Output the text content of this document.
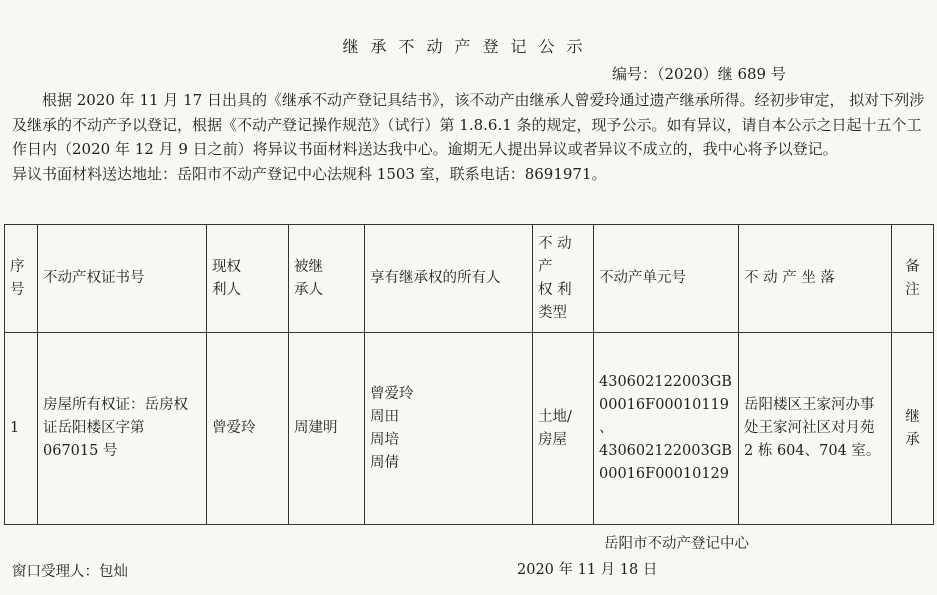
继承不动产登记公示
编号：（2020）继 689 号

根据 2020 年 11 月 17 日出具的《继承不动产登记具结书》，该不动产由继承人曾爱玲通过遗产继承所得。经初步审定， 拟对下列涉及继承的不动产予以登记，根据《不动产登记操作规范》（试行）第 1.8.6.1 条的规定，现予公示。如有异议，请自本公示之日起十五个工作日内（2020 年 12 月 9 日之前）将异议书面材料送达我中心。逾期无人提出异议或者异议不成立的，我中心将予以登记。

异议书面材料送达地址：岳阳市不动产登记中心法规科 1503 室，联系电话：8691971。

序
号	不动产权证书号	现权
利人	被继
承人	享有继承权的所有人	不 动
产
权 利
类型	不动产单元号	不 动 产 坐 落	备
注

1	房屋所有权证：岳房权证岳阳楼区字第 067015 号	曾爱玲	周建明	曾爱玲
周田
周培
周倩	土地/
房屋	430602122003GB
00016F00010119
、
430602122003GB
00016F00010129	岳阳楼区王家河办事处王家河社区对月苑 2 栋 604、704 室。	继
承
岳阳市不动产登记中心
窗口受理人：包灿	2020 年 11 月 18 日
